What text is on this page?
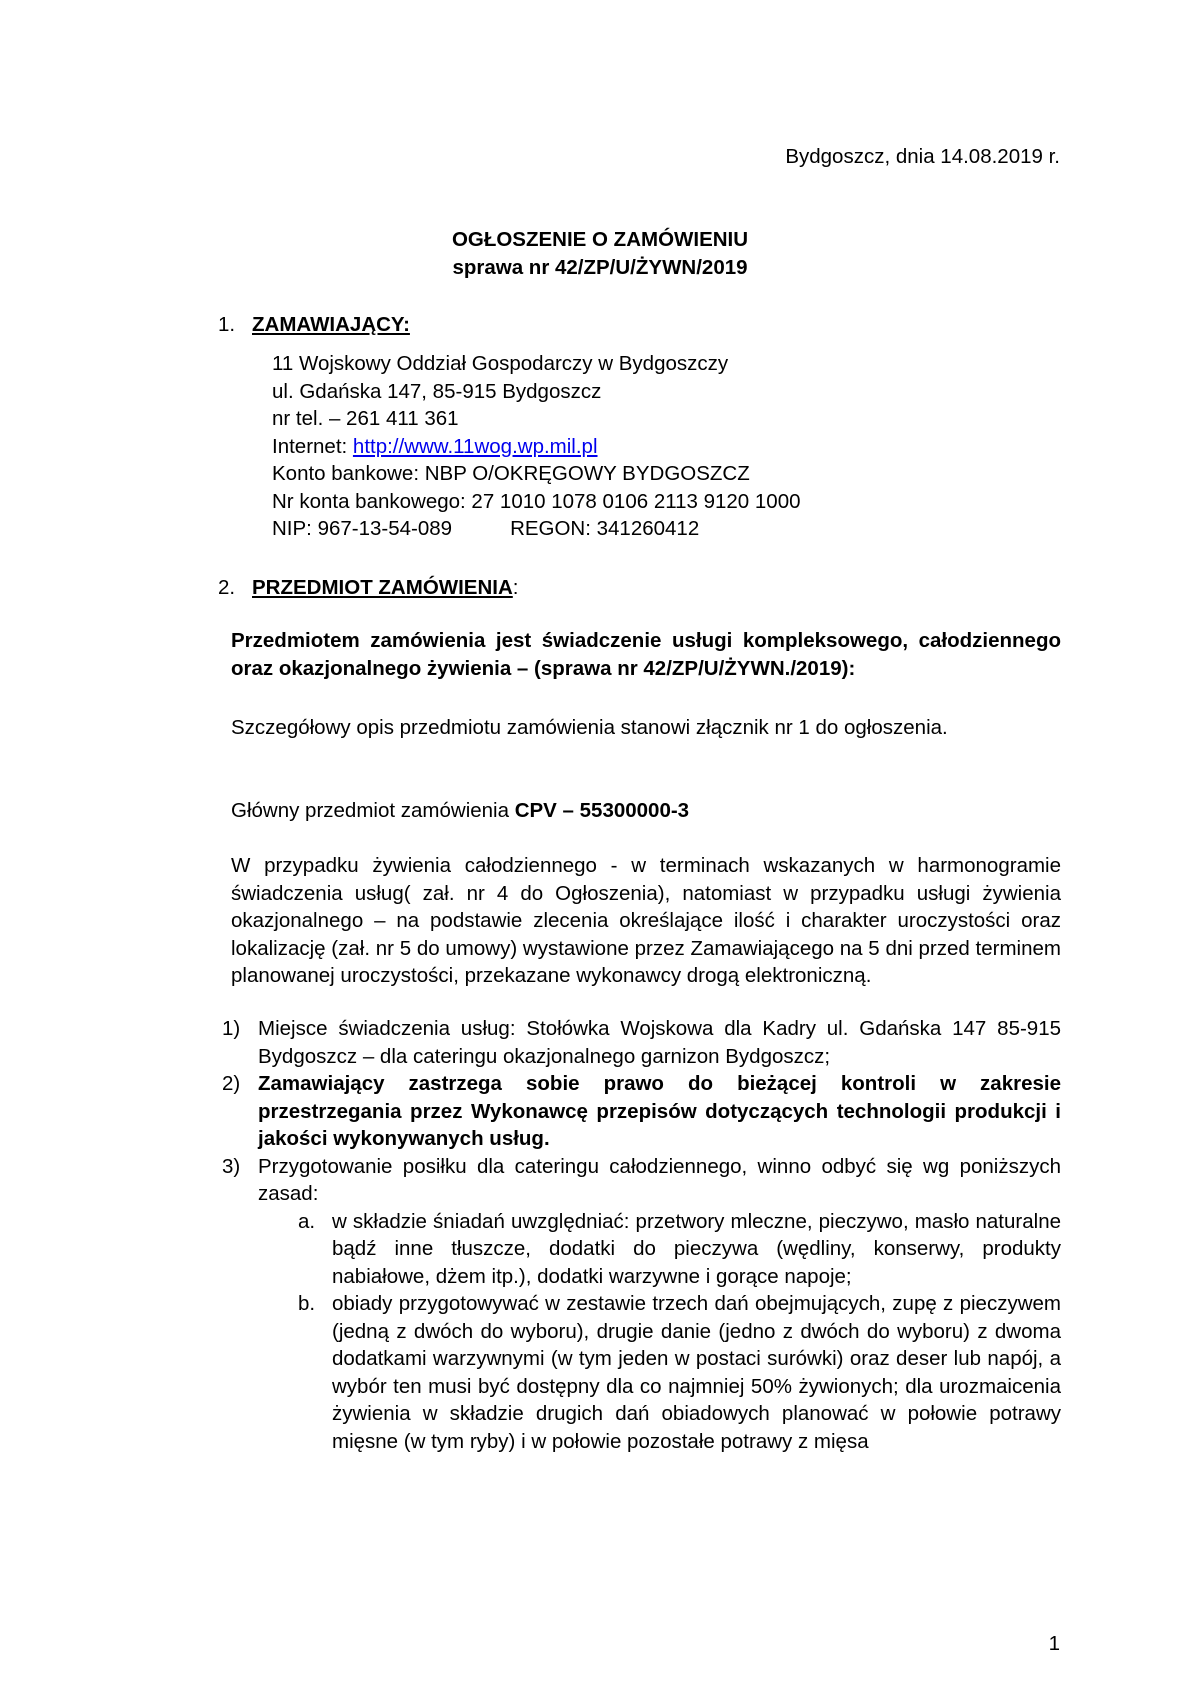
Bydgoszcz, dnia 14.08.2019 r.
OGŁOSZENIE O ZAMÓWIENIU
sprawa nr 42/ZP/U/ŻYWN/2019
1. ZAMAWIAJĄCY:
11 Wojskowy Oddział Gospodarczy w Bydgoszczy
ul. Gdańska 147, 85-915 Bydgoszcz
nr tel. – 261 411 361
Internet: http://www.11wog.wp.mil.pl
Konto bankowe: NBP O/OKRĘGOWY BYDGOSZCZ
Nr konta bankowego: 27 1010 1078 0106 2113 9120 1000
NIP: 967-13-54-089	REGON: 341260412
2. PRZEDMIOT ZAMÓWIENIA:
Przedmiotem zamówienia jest świadczenie usługi kompleksowego, całodziennego oraz okazjonalnego żywienia – (sprawa nr 42/ZP/U/ŻYWN./2019):
Szczegółowy opis przedmiotu zamówienia stanowi złącznik nr 1 do ogłoszenia.
Główny przedmiot zamówienia CPV – 55300000-3
W przypadku żywienia całodziennego - w terminach wskazanych w harmonogramie świadczenia usług( zał. nr 4 do Ogłoszenia), natomiast w przypadku usługi żywienia okazjonalnego – na podstawie zlecenia określające ilość i charakter uroczystości oraz lokalizację (zał. nr 5 do umowy) wystawione przez Zamawiającego na 5 dni przed terminem planowanej uroczystości, przekazane wykonawcy drogą elektroniczną.
1) Miejsce świadczenia usług: Stołówka Wojskowa dla Kadry ul. Gdańska 147 85-915 Bydgoszcz – dla cateringu okazjonalnego garnizon Bydgoszcz;
2) Zamawiający zastrzega sobie prawo do bieżącej kontroli w zakresie przestrzegania przez Wykonawcę przepisów dotyczących technologii produkcji i jakości wykonywanych usług.
3) Przygotowanie posiłku dla cateringu całodziennego, winno odbyć się wg poniższych zasad:
a. w składzie śniadań uwzględniać: przetwory mleczne, pieczywo, masło naturalne bądź inne tłuszcze, dodatki do pieczywa (wędliny, konserwy, produkty nabiałowe, dżem itp.), dodatki warzywne i gorące napoje;
b. obiady przygotowywać w zestawie trzech dań obejmujących, zupę z pieczywem (jedną z dwóch do wyboru), drugie danie (jedno z dwóch do wyboru) z dwoma dodatkami warzywnymi (w tym jeden w postaci surówki) oraz deser lub napój, a wybór ten musi być dostępny dla co najmniej 50% żywionych; dla urozmaicenia żywienia w składzie drugich dań obiadowych planować w połowie potrawy mięsne (w tym ryby) i w połowie pozostałe potrawy z mięsa
1
